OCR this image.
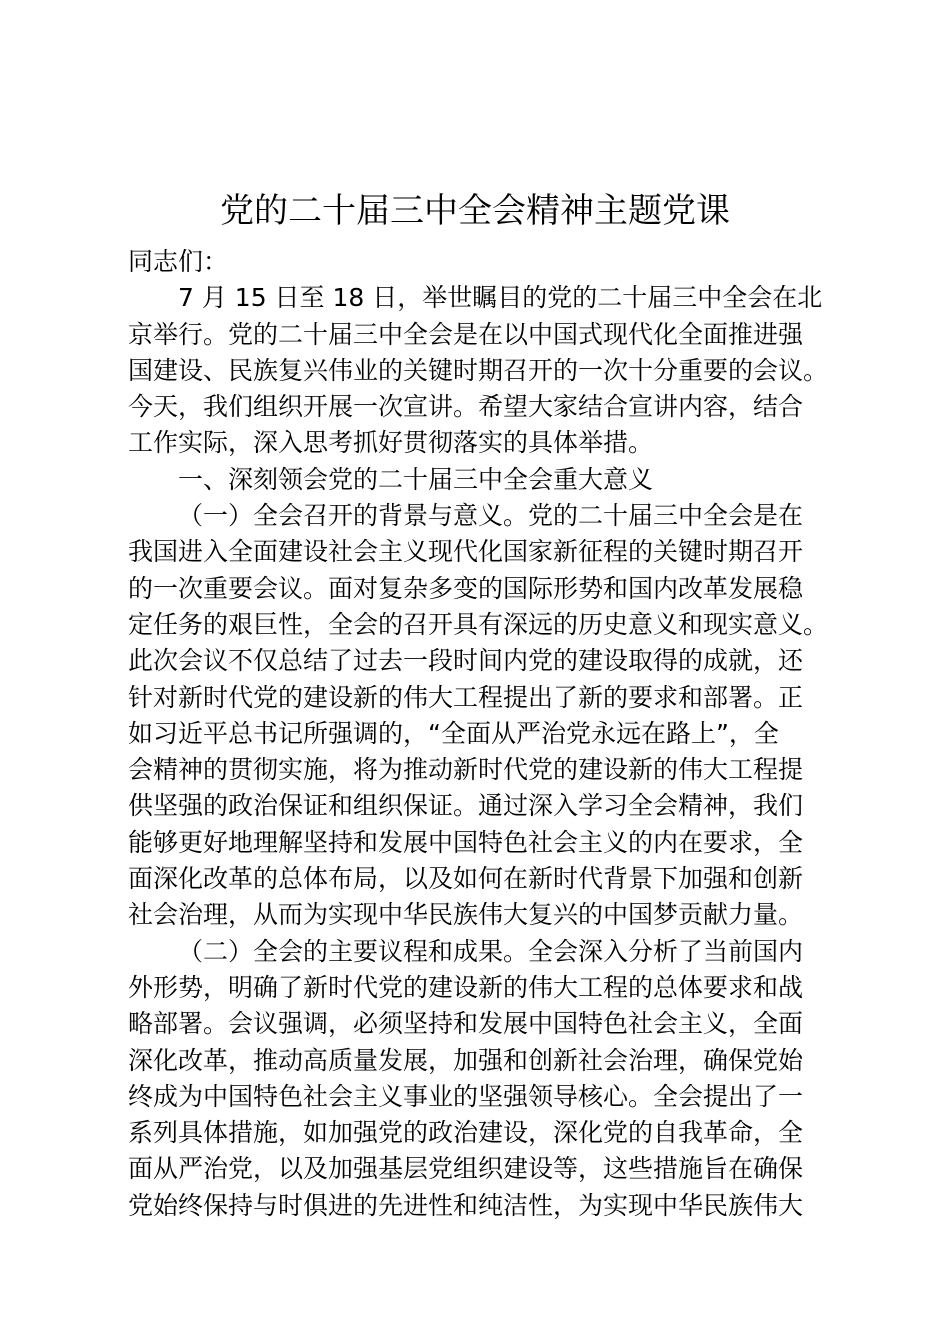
党的二十届三中全会精神主题党课
同志们：
7 月 15 日至 18 日，举世瞩目的党的二十届三中全会在北
京举行。党的二十届三中全会是在以中国式现代化全面推进强
国建设、民族复兴伟业的关键时期召开的一次十分重要的会议。
今天，我们组织开展一次宣讲。希望大家结合宣讲内容，结合
工作实际，深入思考抓好贯彻落实的具体举措。
一、深刻领会党的二十届三中全会重大意义
（一）全会召开的背景与意义。党的二十届三中全会是在
我国进入全面建设社会主义现代化国家新征程的关键时期召开
的一次重要会议。面对复杂多变的国际形势和国内改革发展稳
定任务的艰巨性，全会的召开具有深远的历史意义和现实意义。
此次会议不仅总结了过去一段时间内党的建设取得的成就，还
针对新时代党的建设新的伟大工程提出了新的要求和部署。正
如习近平总书记所强调的，“全面从严治党永远在路上”，全
会精神的贯彻实施，将为推动新时代党的建设新的伟大工程提
供坚强的政治保证和组织保证。通过深入学习全会精神，我们
能够更好地理解坚持和发展中国特色社会主义的内在要求，全
面深化改革的总体布局，以及如何在新时代背景下加强和创新
社会治理，从而为实现中华民族伟大复兴的中国梦贡献力量。
（二）全会的主要议程和成果。全会深入分析了当前国内
外形势，明确了新时代党的建设新的伟大工程的总体要求和战
略部署。会议强调，必须坚持和发展中国特色社会主义，全面
深化改革，推动高质量发展，加强和创新社会治理，确保党始
终成为中国特色社会主义事业的坚强领导核心。全会提出了一
系列具体措施，如加强党的政治建设，深化党的自我革命，全
面从严治党，以及加强基层党组织建设等，这些措施旨在确保
党始终保持与时俱进的先进性和纯洁性，为实现中华民族伟大
